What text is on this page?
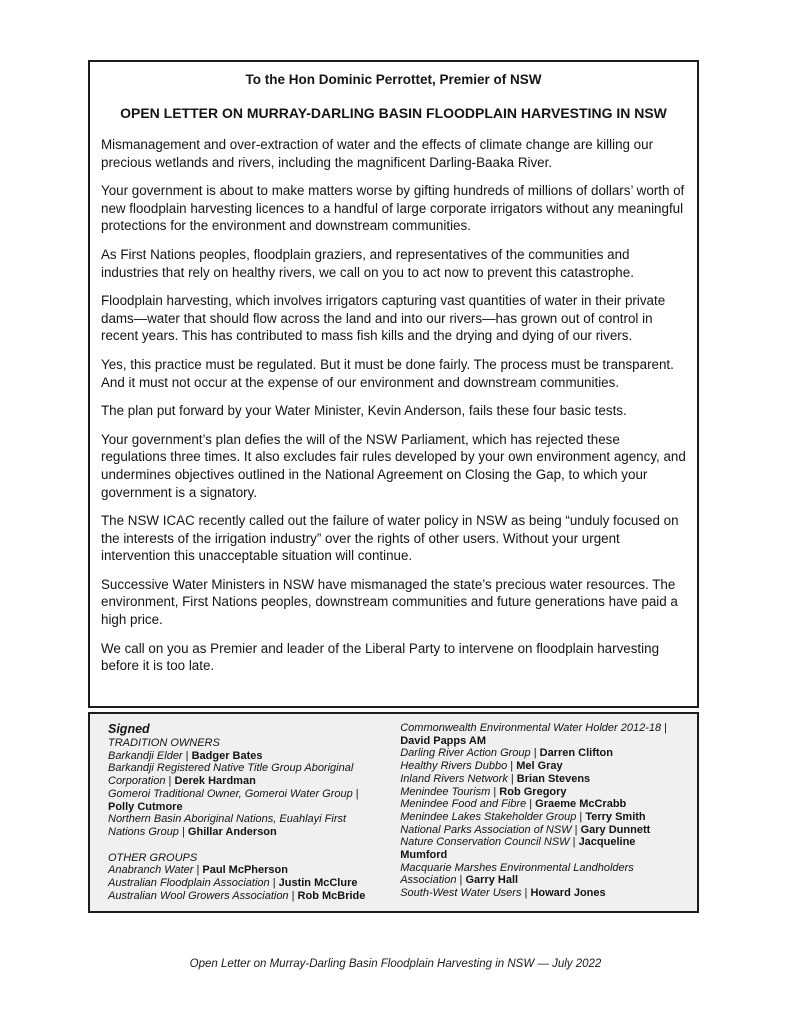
To the Hon Dominic Perrottet, Premier of NSW
OPEN LETTER ON MURRAY-DARLING BASIN FLOODPLAIN HARVESTING IN NSW

Mismanagement and over-extraction of water and the effects of climate change are killing our precious wetlands and rivers, including the magnificent Darling-Baaka River.

Your government is about to make matters worse by gifting hundreds of millions of dollars’ worth of new floodplain harvesting licences to a handful of large corporate irrigators without any meaningful protections for the environment and downstream communities.

As First Nations peoples, floodplain graziers, and representatives of the communities and industries that rely on healthy rivers, we call on you to act now to prevent this catastrophe.

Floodplain harvesting, which involves irrigators capturing vast quantities of water in their private dams—water that should flow across the land and into our rivers—has grown out of control in recent years. This has contributed to mass fish kills and the drying and dying of our rivers.

Yes, this practice must be regulated. But it must be done fairly. The process must be transparent. And it must not occur at the expense of our environment and downstream communities.

The plan put forward by your Water Minister, Kevin Anderson, fails these four basic tests.

Your government’s plan defies the will of the NSW Parliament, which has rejected these regulations three times. It also excludes fair rules developed by your own environment agency, and undermines objectives outlined in the National Agreement on Closing the Gap, to which your government is a signatory.

The NSW ICAC recently called out the failure of water policy in NSW as being “unduly focused on the interests of the irrigation industry” over the rights of other users. Without your urgent intervention this unacceptable situation will continue.

Successive Water Ministers in NSW have mismanaged the state’s precious water resources. The environment, First Nations peoples, downstream communities and future generations have paid a high price.

We call on you as Premier and leader of the Liberal Party to intervene on floodplain harvesting before it is too late.

Signed
TRADITION OWNERS
Barkandji Elder | Badger Bates
Barkandji Registered Native Title Group Aboriginal Corporation | Derek Hardman
Gomeroi Traditional Owner, Gomeroi Water Group | Polly Cutmore
Northern Basin Aboriginal Nations, Euahlayi First Nations Group | Ghillar Anderson
OTHER GROUPS
Anabranch Water | Paul McPherson
Australian Floodplain Association | Justin McClure
Australian Wool Growers Association | Rob McBride
Commonwealth Environmental Water Holder 2012-18 | David Papps AM
Darling River Action Group | Darren Clifton
Healthy Rivers Dubbo | Mel Gray
Inland Rivers Network | Brian Stevens
Menindee Tourism | Rob Gregory
Menindee Food and Fibre | Graeme McCrabb
Menindee Lakes Stakeholder Group | Terry Smith
National Parks Association of NSW | Gary Dunnett
Nature Conservation Council NSW | Jacqueline Mumford
Macquarie Marshes Environmental Landholders Association | Garry Hall
South-West Water Users | Howard Jones
Open Letter on Murray-Darling Basin Floodplain Harvesting in NSW — July 2022
